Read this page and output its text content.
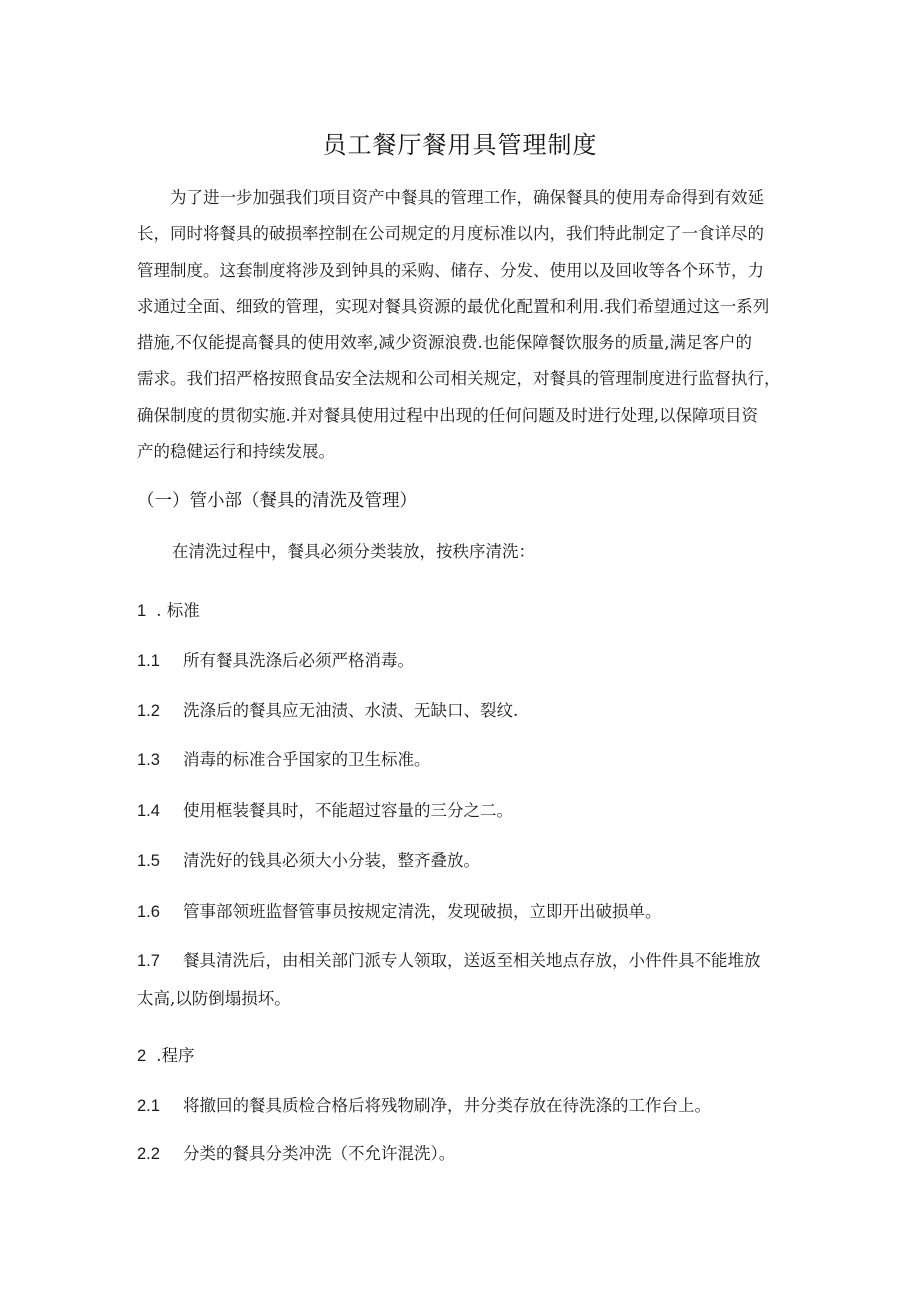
员工餐厅餐用具管理制度
为了进一步加强我们项目资产中餐具的管理工作，确保餐具的使用寿命得到有效延
长，同时将餐具的破损率控制在公司规定的月度标准以内，我们特此制定了一食详尽的
管理制度。这套制度将涉及到钟具的采购、储存、分发、使用以及回收等各个环节，力
求通过全面、细致的管理，实现对餐具资源的最优化配置和利用.我们希望通过这一系列
措施,不仅能提高餐具的使用效率,减少资源浪费.也能保障餐饮服务的质量,满足客户的
需求。我们招严格按照食品安全法规和公司相关规定，对餐具的管理制度进行监督执行，
确保制度的贯彻实施.并对餐具使用过程中出现的任何问题及时进行处理,以保障项目资
产的稳健运行和持续发展。
（一）管小部（餐具的清洗及管理）
在清洗过程中，餐具必须分类装放，按秩序清洗：
1 . 标准
1.1 所有餐具洗涤后必须严格消毒。
1.2 洗涤后的餐具应无油渍、水渍、无缺口、裂纹.
1.3 消毒的标准合乎国家的卫生标准。
1.4 使用框装餐具时，不能超过容量的三分之二。
1.5 清洗好的钱具必须大小分装，整齐叠放。
1.6 管事部领班监督管事员按规定清洗，发现破损，立即开出破损单。
1.7 餐具清洗后，由相关部门派专人领取，送返至相关地点存放，小件件具不能堆放
太高,以防倒塌损坏。
2 .程序
2.1 将撤回的餐具质检合格后将残物刷净，井分类存放在待洗涤的工作台上。
2.2 分类的餐具分类冲洗（不允许混洗）。
